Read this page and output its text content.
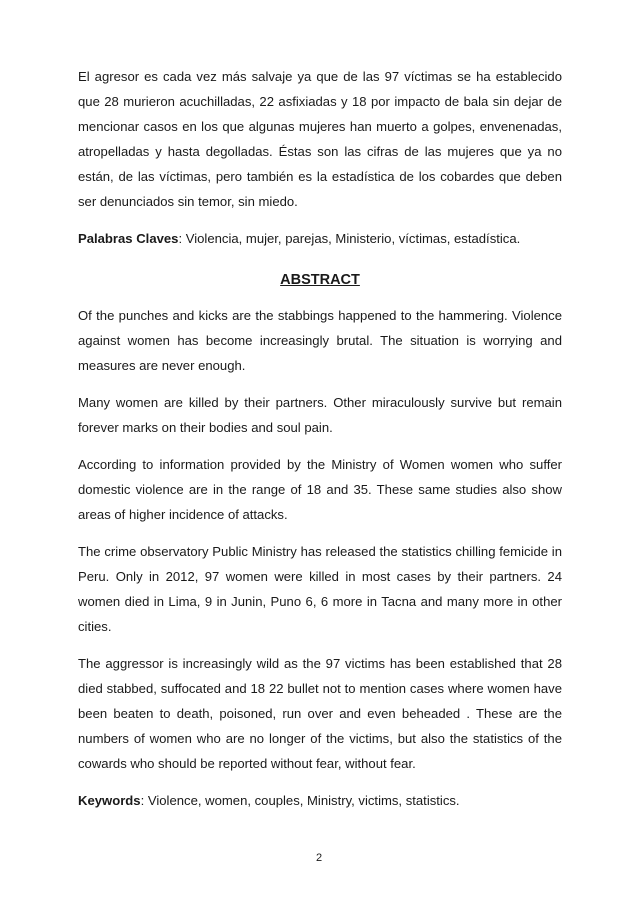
El agresor es cada vez más salvaje ya que de las 97 víctimas se ha establecido que 28 murieron acuchilladas, 22 asfixiadas y 18 por impacto de bala sin dejar de mencionar casos en los que algunas mujeres han muerto a golpes, envenenadas, atropelladas y hasta degolladas. Éstas son las cifras de las mujeres que ya no están, de las víctimas, pero también es la estadística de los cobardes que deben ser denunciados sin temor, sin miedo.

Palabras Claves: Violencia, mujer, parejas, Ministerio, víctimas, estadística.

ABSTRACT

Of the punches and kicks are the stabbings happened to the hammering. Violence against women has become increasingly brutal. The situation is worrying and measures are never enough.

Many women are killed by their partners. Other miraculously survive but remain forever marks on their bodies and soul pain.

According to information provided by the Ministry of Women women who suffer domestic violence are in the range of 18 and 35. These same studies also show areas of higher incidence of attacks.

The crime observatory Public Ministry has released the statistics chilling femicide in Peru. Only in 2012, 97 women were killed in most cases by their partners. 24 women died in Lima, 9 in Junin, Puno 6, 6 more in Tacna and many more in other cities.

The aggressor is increasingly wild as the 97 victims has been established that 28 died stabbed, suffocated and 18 22 bullet not to mention cases where women have been beaten to death, poisoned, run over and even beheaded . These are the numbers of women who are no longer of the victims, but also the statistics of the cowards who should be reported without fear, without fear.

Keywords: Violence, women, couples, Ministry, victims, statistics.

2
